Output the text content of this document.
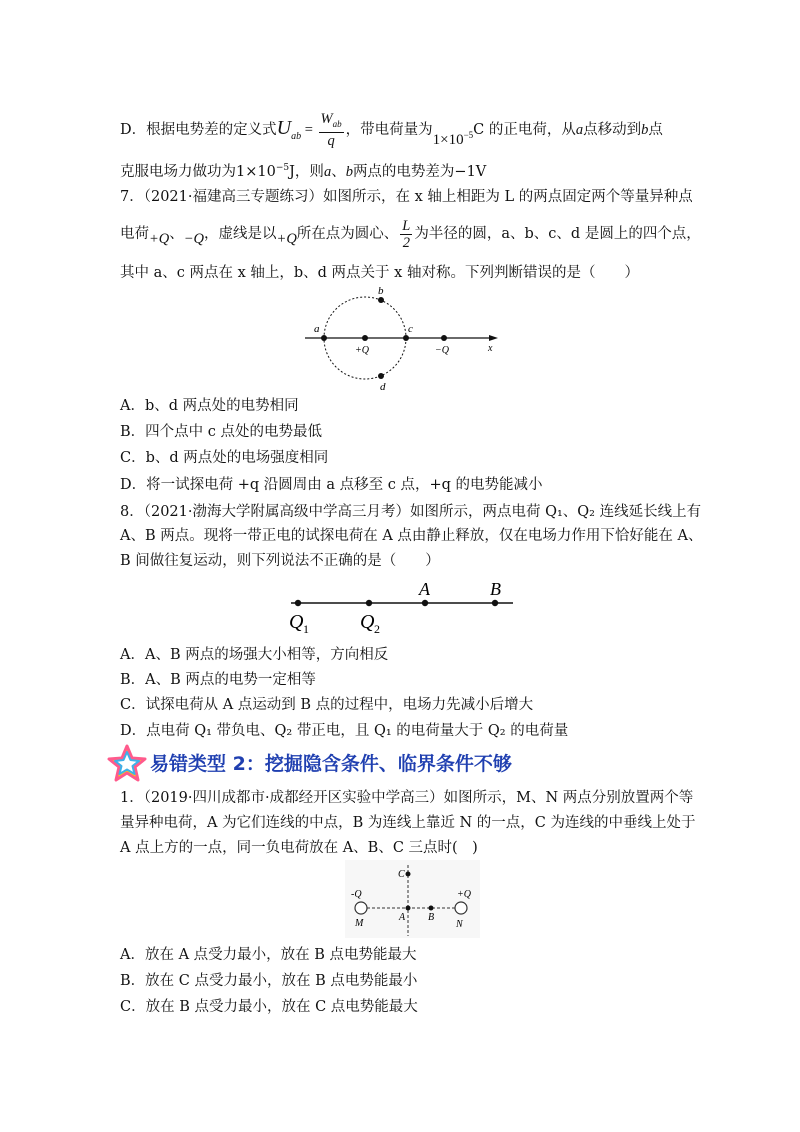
D．根据电势差的定义式$U_{ab} = \frac{W_{ab}}{q}$ ，带电荷量为$1\times 10^{-5}C$ 的正电荷，从a点移动到b点
克服电场力做功为$1\times 10^{-5}J$，则a、b两点的电势差为−1V
7．（2021·福建高三专题练习）如图所示，在 x 轴上相距为 L 的两点固定两个等量异种点
电荷+Q、−Q，虚线是以+Q所在点为圆心、 $\frac{L}{2}$ 为半径的圆，a、b、c、d 是圆上的四个点，
其中 a、c 两点在 x 轴上，b、d 两点关于 x 轴对称。下列判断错误的是（　　）
a
b
c
d
+Q	−Q	x
A．b、d 两点处的电势相同
B．四个点中 c 点处的电势最低
C．b、d 两点处的电场强度相同
D．将一试探电荷 +q 沿圆周由 a 点移至 c 点，+q 的电势能减小
8．（2021·渤海大学附属高级中学高三月考）如图所示，两点电荷 Q₁、Q₂ 连线延长线上有
A、B 两点。现将一带正电的试探电荷在 A 点由静止释放，仅在电场力作用下恰好能在 A、
B 间做往复运动，则下列说法不正确的是（　　）
A	B
Q 1	Q 2
A．A、B 两点的场强大小相等，方向相反
B．A、B 两点的电势一定相等
C．试探电荷从 A 点运动到 B 点的过程中，电场力先减小后增大
D．点电荷 Q₁ 带负电、Q₂ 带正电，且 Q₁ 的电荷量大于 Q₂ 的电荷量
易错类型 2：挖掘隐含条件、临界条件不够
1．（2019·四川成都市·成都经开区实验中学高三）如图所示，M、N 两点分别放置两个等
量异种电荷，A 为它们连线的中点，B 为连线上靠近 N 的一点，C 为连线的中垂线上处于
A 点上方的一点，同一负电荷放在 A、B、C 三点时(　)
-Q
M
A B
C
+Q
N
A．放在 A 点受力最小，放在 B 点电势能最大
B．放在 C 点受力最小，放在 B 点电势能最小
C．放在 B 点受力最小，放在 C 点电势能最大
